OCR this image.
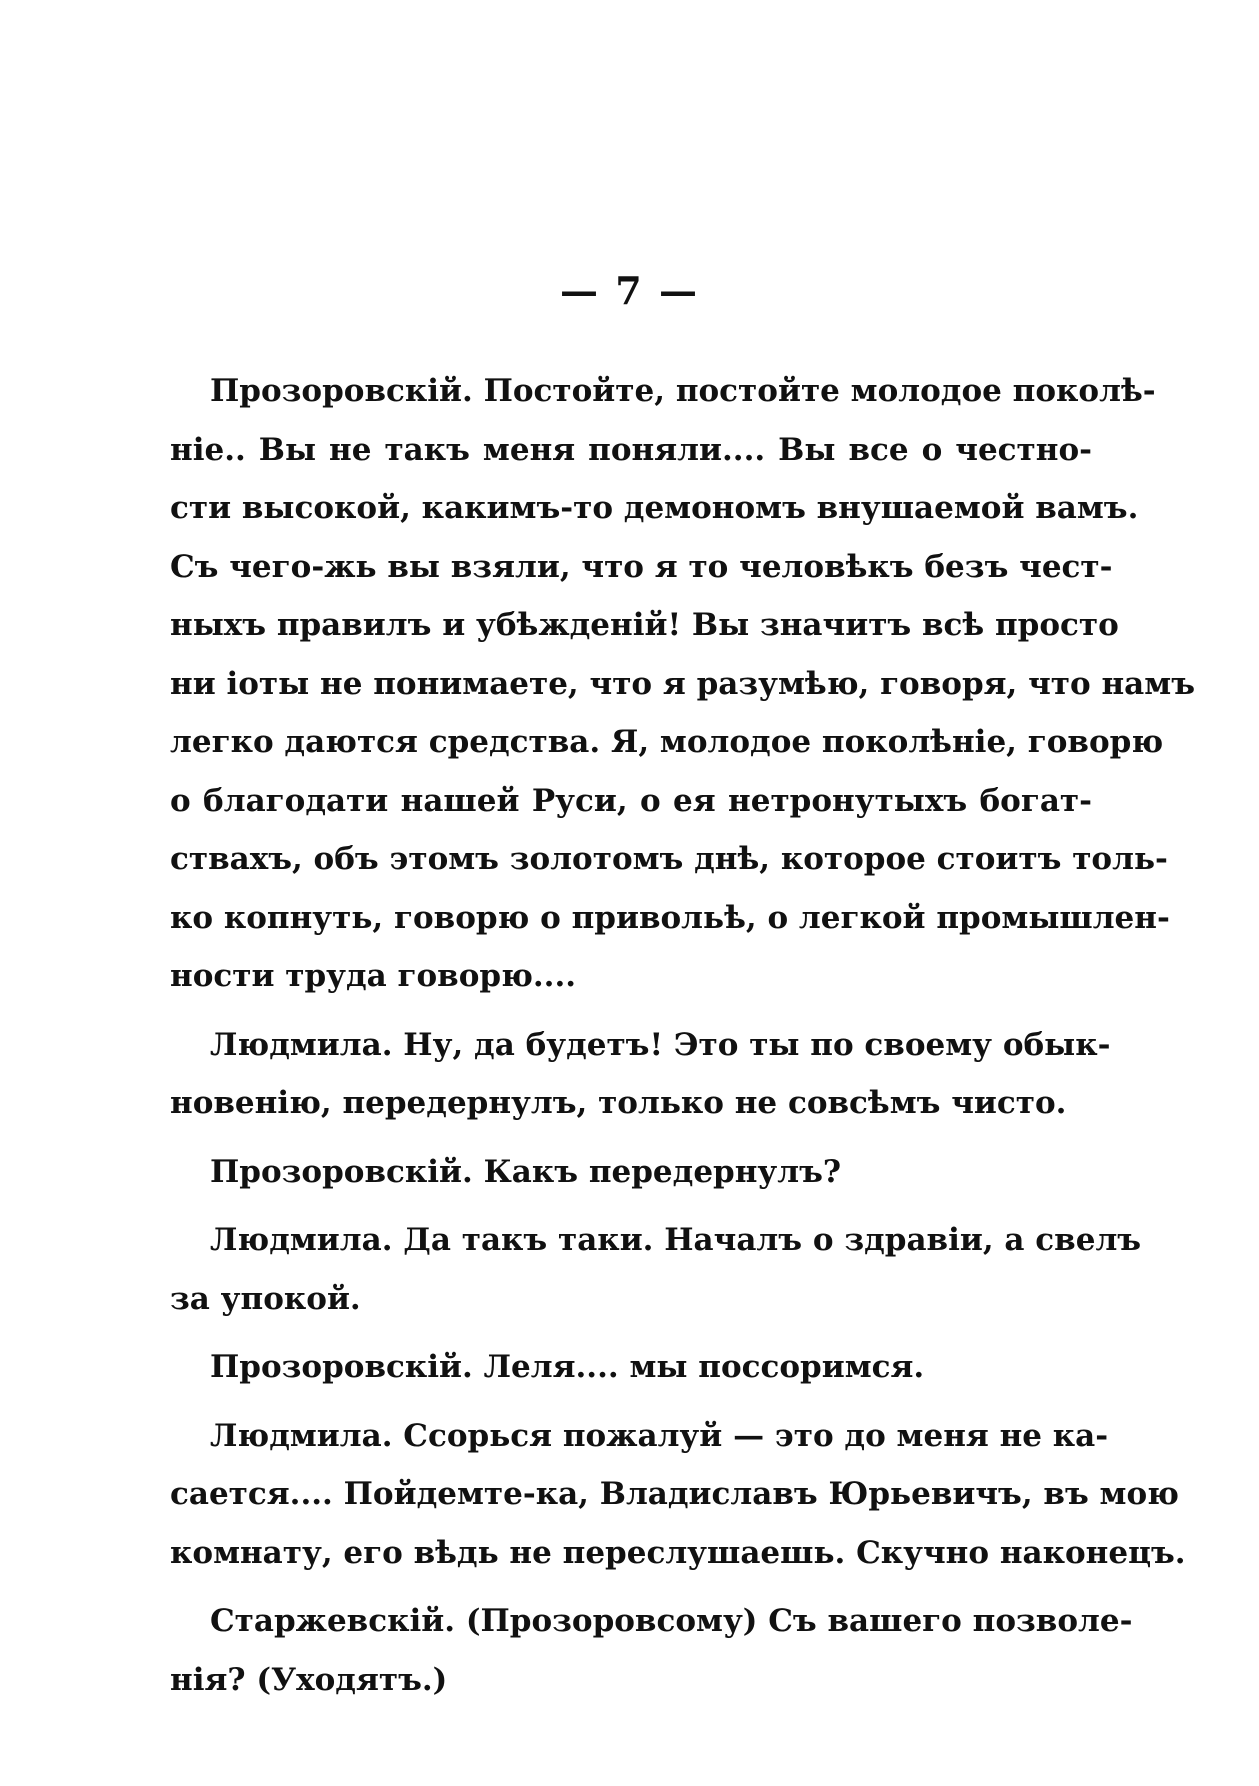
— 7 —
Прозоровскій. Постойте, постойте молодое поколѣ-
ніе.. Вы не такъ меня поняли.... Вы все о честно-
сти высокой, какимъ-то демономъ внушаемой вамъ.
Съ чего-жь вы взяли, что я то человѣкъ безъ чест-
ныхъ правилъ и убѣжденій! Вы значитъ всѣ просто
ни іоты не понимаете, что я разумѣю, говоря, что намъ
легко даются средства. Я, молодое поколѣніе, говорю
о благодати нашей Руси, о ея нетронутыхъ богат-
ствахъ, объ этомъ золотомъ днѣ, которое стоитъ толь-
ко копнуть, говорю о привольѣ, о легкой промышлен-
ности труда говорю....
Людмила. Ну, да будетъ! Это ты по своему обык-
новенію, передернулъ, только не совсѣмъ чисто.
Прозоровскій. Какъ передернулъ?
Людмила. Да такъ таки. Началъ о здравіи, а свелъ
за упокой.
Прозоровскій. Леля.... мы поссоримся.
Людмила. Ссорься пожалуй — это до меня не ка-
сается.... Пойдемте-ка, Владиславъ Юрьевичъ, въ мою
комнату, его вѣдь не переслушаешь. Скучно наконецъ.
Старжевскій. (Прозоровсому) Съ вашего позволе-
нія? (Уходятъ.)
